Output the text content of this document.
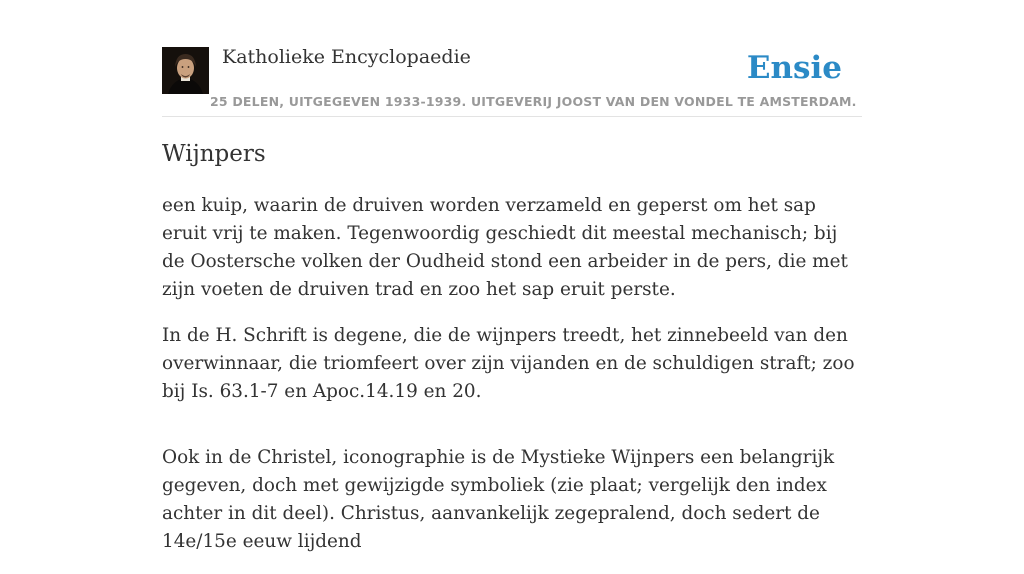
Katholieke Encyclopaedie
25 DELEN, UITGEGEVEN 1933-1939. UITGEVERIJ JOOST VAN DEN VONDEL TE AMSTERDAM.
Ensie
Wijnpers

een kuip, waarin de druiven worden verzameld en geperst om het sap eruit vrij te maken. Tegenwoordig geschiedt dit meestal mechanisch; bij de Oostersche volken der Oudheid stond een arbeider in de pers, die met zijn voeten de druiven trad en zoo het sap eruit perste.

In de H. Schrift is degene, die de wijnpers treedt, het zinnebeeld van den overwinnaar, die triomfeert over zijn vijanden en de schuldigen straft; zoo bij Is. 63.1-7 en Apoc.14.19 en 20.

Ook in de Christel, iconographie is de Mystieke Wijnpers een belangrijk gegeven, doch met gewijzigde symboliek (zie plaat; vergelijk den index achter in dit deel). Christus, aanvankelijk zegepralend, doch sedert de 14e/15e eeuw lijdend
